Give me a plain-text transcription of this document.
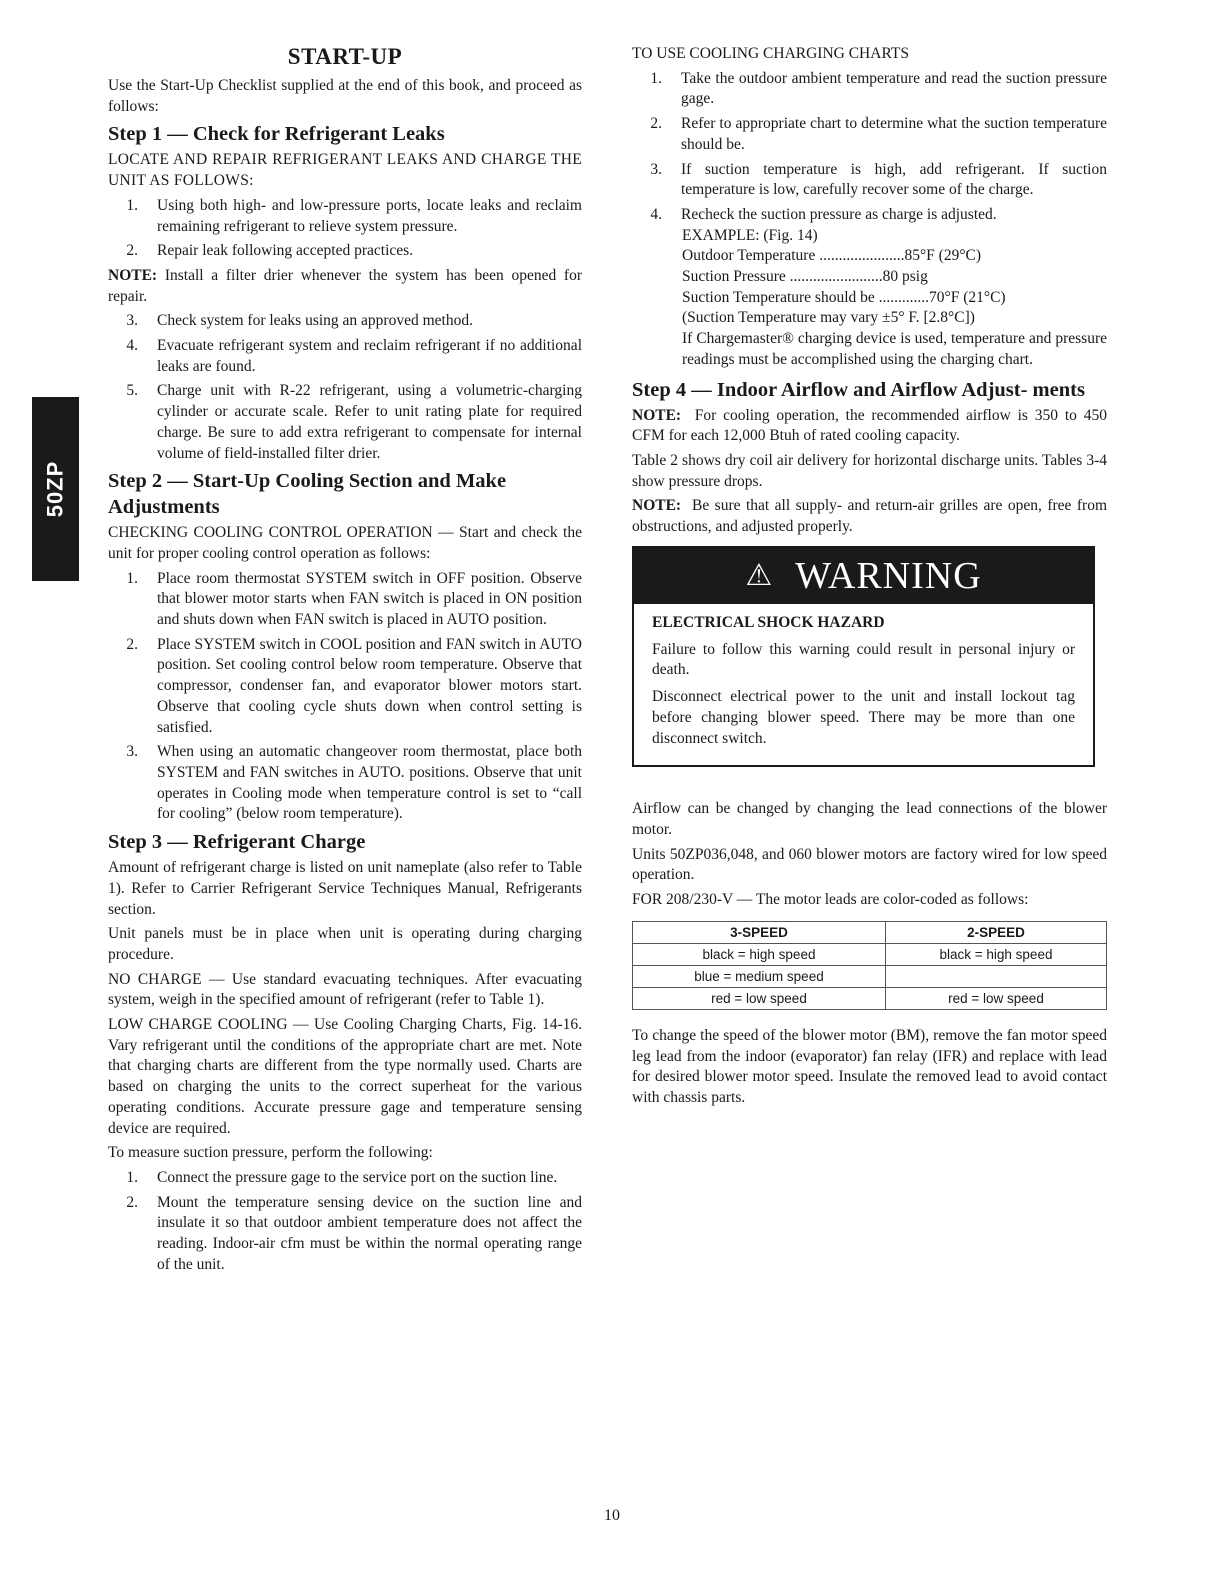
50ZP
START-UP

Use the Start-Up Checklist supplied at the end of this book, and proceed as follows:

Step 1 — Check for Refrigerant Leaks

LOCATE AND REPAIR REFRIGERANT LEAKS AND CHARGE THE UNIT AS FOLLOWS:

1.	Using both high- and low-pressure ports, locate leaks and reclaim remaining refrigerant to relieve system pressure.
2.	Repair leak following accepted practices.

NOTE: Install a filter drier whenever the system has been opened for repair.

3.	Check system for leaks using an approved method.
4.	Evacuate refrigerant system and reclaim refrigerant if no additional leaks are found.
5.	Charge unit with R-22 refrigerant, using a volumetric-charging cylinder or accurate scale. Refer to unit rating plate for required charge. Be sure to add extra refrigerant to compensate for internal volume of field-installed filter drier.
Step 2 — Start-Up Cooling Section and Make Adjustments

CHECKING COOLING CONTROL OPERATION — Start and check the unit for proper cooling control operation as follows:

1.	Place room thermostat SYSTEM switch in OFF position. Observe that blower motor starts when FAN switch is placed in ON position and shuts down when FAN switch is placed in AUTO position.
2.	Place SYSTEM switch in COOL position and FAN switch in AUTO position. Set cooling control below room temperature. Observe that compressor, condenser fan, and evaporator blower motors start. Observe that cooling cycle shuts down when control setting is satisfied.
3.	When using an automatic changeover room thermostat, place both SYSTEM and FAN switches in AUTO. positions. Observe that unit operates in Cooling mode when temperature control is set to “call for cooling” (below room temperature).
Step 3 — Refrigerant Charge

Amount of refrigerant charge is listed on unit nameplate (also refer to Table 1). Refer to Carrier Refrigerant Service Techniques Manual, Refrigerants section.

Unit panels must be in place when unit is operating during charging procedure.

NO CHARGE — Use standard evacuating techniques. After evacuating system, weigh in the specified amount of refrigerant (refer to Table 1).

LOW CHARGE COOLING — Use Cooling Charging Charts, Fig. 14-16. Vary refrigerant until the conditions of the appropriate chart are met. Note that charging charts are different from the type normally used. Charts are based on charging the units to the correct superheat for the various operating conditions. Accurate pressure gage and temperature sensing device are required.

To measure suction pressure, perform the following:

1.	Connect the pressure gage to the service port on the suction line.
2.	Mount the temperature sensing device on the suction line and insulate it so that outdoor ambient temperature does not affect the reading. Indoor-air cfm must be within the normal operating range of the unit.

TO USE COOLING CHARGING CHARTS

1.	Take the outdoor ambient temperature and read the suction pressure gage.
2.	Refer to appropriate chart to determine what the suction temperature should be.
3.	If suction temperature is high, add refrigerant. If suction temperature is low, carefully recover some of the charge.
4.	Recheck the suction pressure as charge is adjusted.
EXAMPLE: (Fig. 14)
Outdoor Temperature ......................85°F (29°C)
Suction Pressure ........................80 psig
Suction Temperature should be .............70°F (21°C)
(Suction Temperature may vary ±5° F. [2.8°C])
If Chargemaster® charging device is used, temperature and pressure readings must be accomplished using the charging chart.
Step 4 — Indoor Airflow and Airflow Adjust- ments

NOTE: For cooling operation, the recommended airflow is 350 to 450 CFM for each 12,000 Btuh of rated cooling capacity.

Table 2 shows dry coil air delivery for horizontal discharge units. Tables 3-4 show pressure drops.

NOTE: Be sure that all supply- and return-air grilles are open, free from obstructions, and adjusted properly.

⚠ WARNING
ELECTRICAL SHOCK HAZARD

Failure to follow this warning could result in personal injury or death.

Disconnect electrical power to the unit and install lockout tag before changing blower speed. There may be more than one disconnect switch.

Airflow can be changed by changing the lead connections of the blower motor.

Units 50ZP036,048, and 060 blower motors are factory wired for low speed operation.

FOR 208/230-V — The motor leads are color-coded as follows:

3-SPEED	2-SPEED
black = high speed	black = high speed
blue = medium speed	
red = low speed	red = low speed

To change the speed of the blower motor (BM), remove the fan motor speed leg lead from the indoor (evaporator) fan relay (IFR) and replace with lead for desired blower motor speed. Insulate the removed lead to avoid contact with chassis parts.

10
